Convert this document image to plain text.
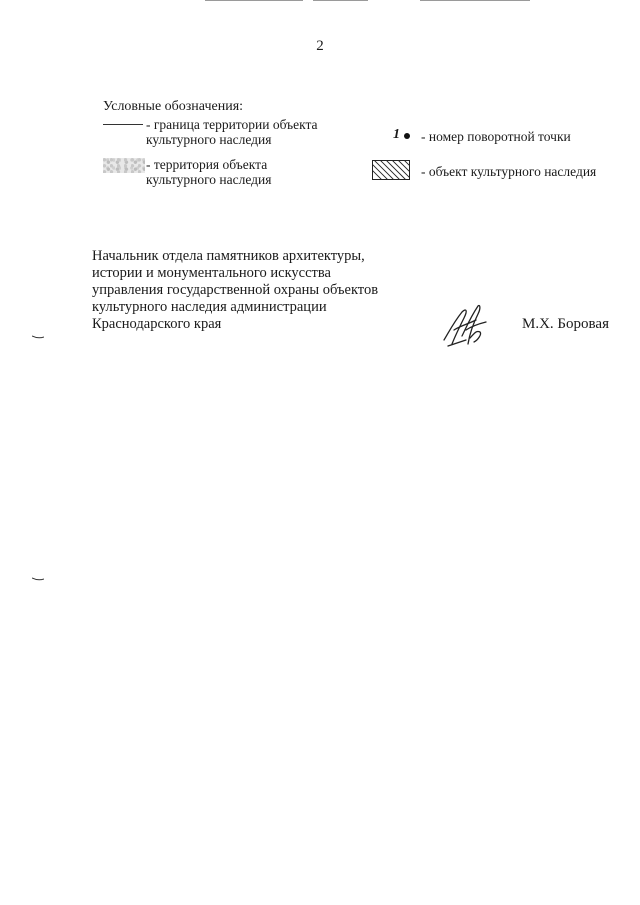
2
Условные обозначения:
- граница территории объекта
культурного наследия
- территория объекта
культурного наследия
1 - номер поворотной точки
- объект культурного наследия
Начальник отдела памятников архитектуры,
истории и монументального искусства
управления государственной охраны объектов
культурного наследия администрации
Краснодарского края	М.Х. Боровая
